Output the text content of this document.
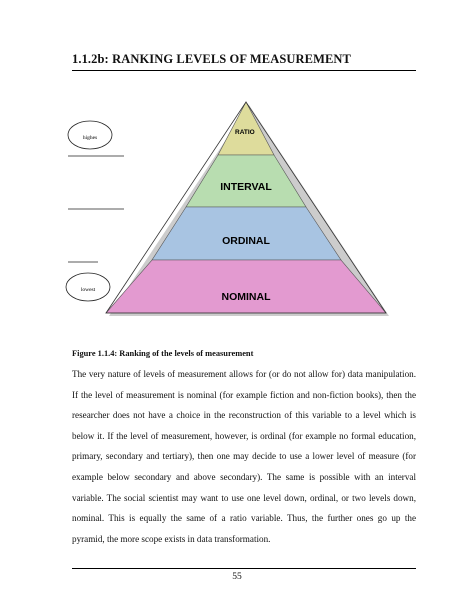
1.1.2b: RANKING LEVELS OF MEASUREMENT
RATIO
INTERVAL
ORDINAL
NOMINAL
highes
lowest
Figure 1.1.4: Ranking of the levels of measurement
The very nature of levels of measurement allows for (or do not allow for) data manipulation. If the level of measurement is nominal (for example fiction and non-fiction books), then the researcher does not have a choice in the reconstruction of this variable to a level which is below it. If the level of measurement, however, is ordinal (for example no formal education, primary, secondary and tertiary), then one may decide to use a lower level of measure (for example below secondary and above secondary). The same is possible with an interval variable. The social scientist may want to use one level down, ordinal, or two levels down, nominal. This is equally the same of a ratio variable. Thus, the further ones go up the pyramid, the more scope exists in data transformation.
55
